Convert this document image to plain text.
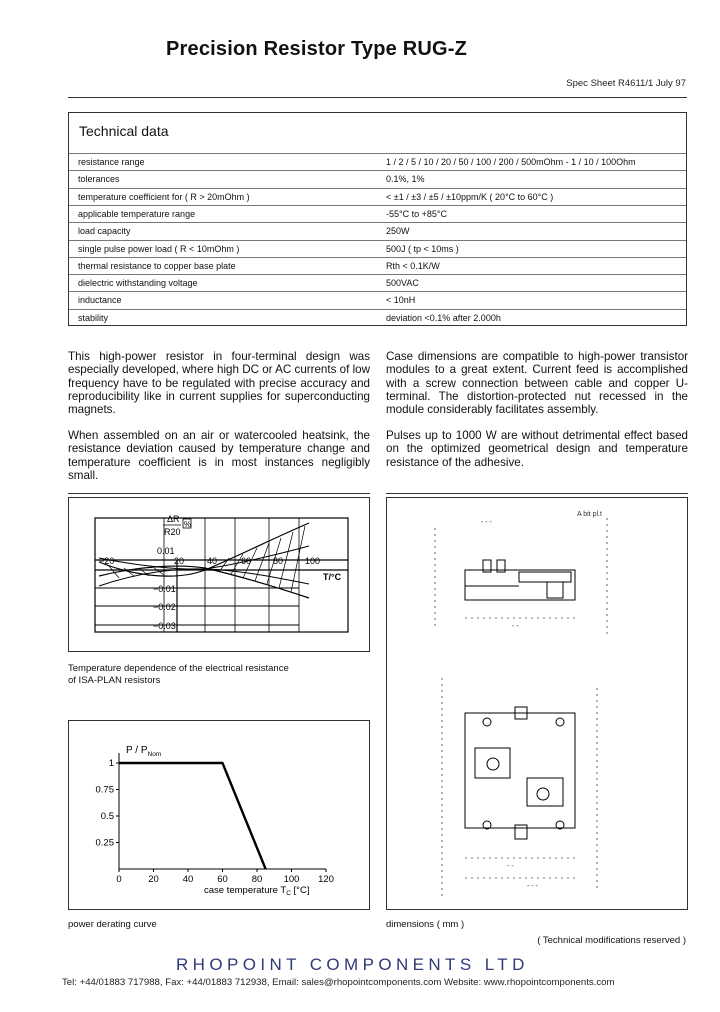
Precision Resistor Type RUG-Z
Spec Sheet R4611/1 July 97
Technical data
resistance range	1 / 2 / 5 / 10 / 20 / 50 / 100 / 200 / 500mOhm - 1 / 10 / 100Ohm
tolerances	0.1%, 1%
temperature coefficient for ( R > 20mOhm )	< ±1 / ±3 / ±5 / ±10ppm/K ( 20°C to 60°C )
applicable temperature range	-55°C to +85°C
load capacity	250W
single pulse power load ( R < 10mOhm )	500J ( tp < 10ms )
thermal resistance to copper base plate	Rth < 0.1K/W
dielectric withstanding voltage	500VAC
inductance	< 10nH
stability	deviation <0.1% after 2.000h

This high-power resistor in four-terminal design was especially developed, where high DC or AC currents of low frequency have to be regulated with precise accuracy and reproducibility like in current supplies for superconducting magnets.

When assembled on an air or watercooled heatsink, the resistance deviation caused by temperature change and temperature coefficient is in most instances negligibly small.

Case dimensions are compatible to high-power transistor modules to a great extent. Current feed is accomplished with a screw connection between cable and copper U-terminal. The distortion-protected nut recessed in the module considerably facilitates assembly.

Pulses up to 1000 W are without detrimental effect based on the optimized geometrical design and temperature resistance of the adhesive.

ΔR
R20
%
−20	20	40	60 80 100
0.01
−0.01
−0.02
−0.03
T/°C
Temperature dependence of the electrical resistance
of ISA-PLAN resistors
P / $P_{Nom}$
0	20	40	60	80 100 120
0.25
0.5
0.75
1
case temperature $T_C$ [°C]
power derating curve
A bit pl.t
- - -
- -
- -
- - -
dimensions ( mm )
( Technical modifications reserved )
RHOPOINT COMPONENTS LTD
Tel: +44/01883 717988, Fax: +44/01883 712938, Email: sales@rhopointcomponents.com Website: www.rhopointcomponents.com
